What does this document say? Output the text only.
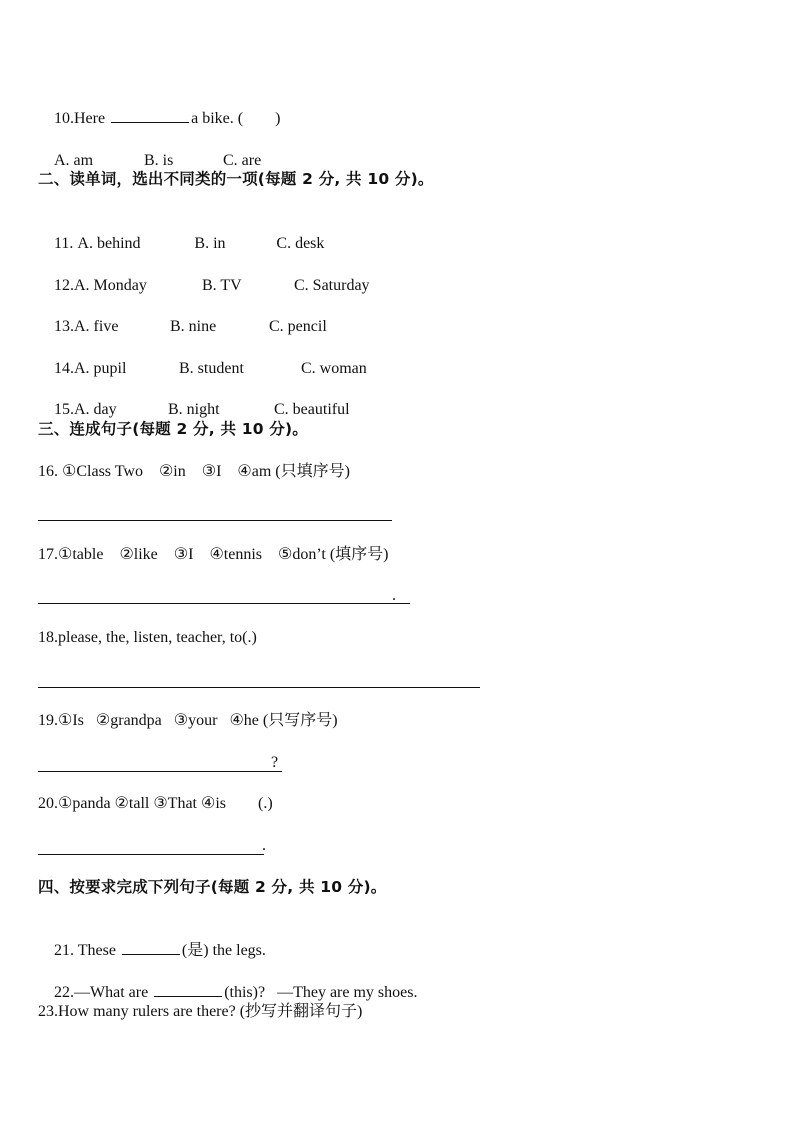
10.Here	a bike. (        )

A. am	B. is	C. are

二、读单词，选出不同类的一项(每题 2 分, 共 10 分)。

11. A. behind	B. in	C. desk

12.A. Monday	B. TV	C. Saturday

13.A. five	B. nine	C. pencil

14.A. pupil	B. student	C. woman

15.A. day	B. night	C. beautiful

三、连成句子(每题 2 分, 共 10 分)。
16. ①Class Two    ②in    ③I    ④am (只填序号)
17.①table    ②like    ③I    ④tennis    ⑤don’t (填序号)
.
18.please, the, listen, teacher, to(.)
19.①Is   ②grandpa   ③your   ④he (只写序号)
?
20.①panda ②tall ③That ④is        (.)
.
四、按要求完成下列句子(每题 2 分, 共 10 分)。

21. These	(是) the legs.

22.—What are	(this)?   —They are my shoes.

23.How many rulers are there? (抄写并翻译句子)
